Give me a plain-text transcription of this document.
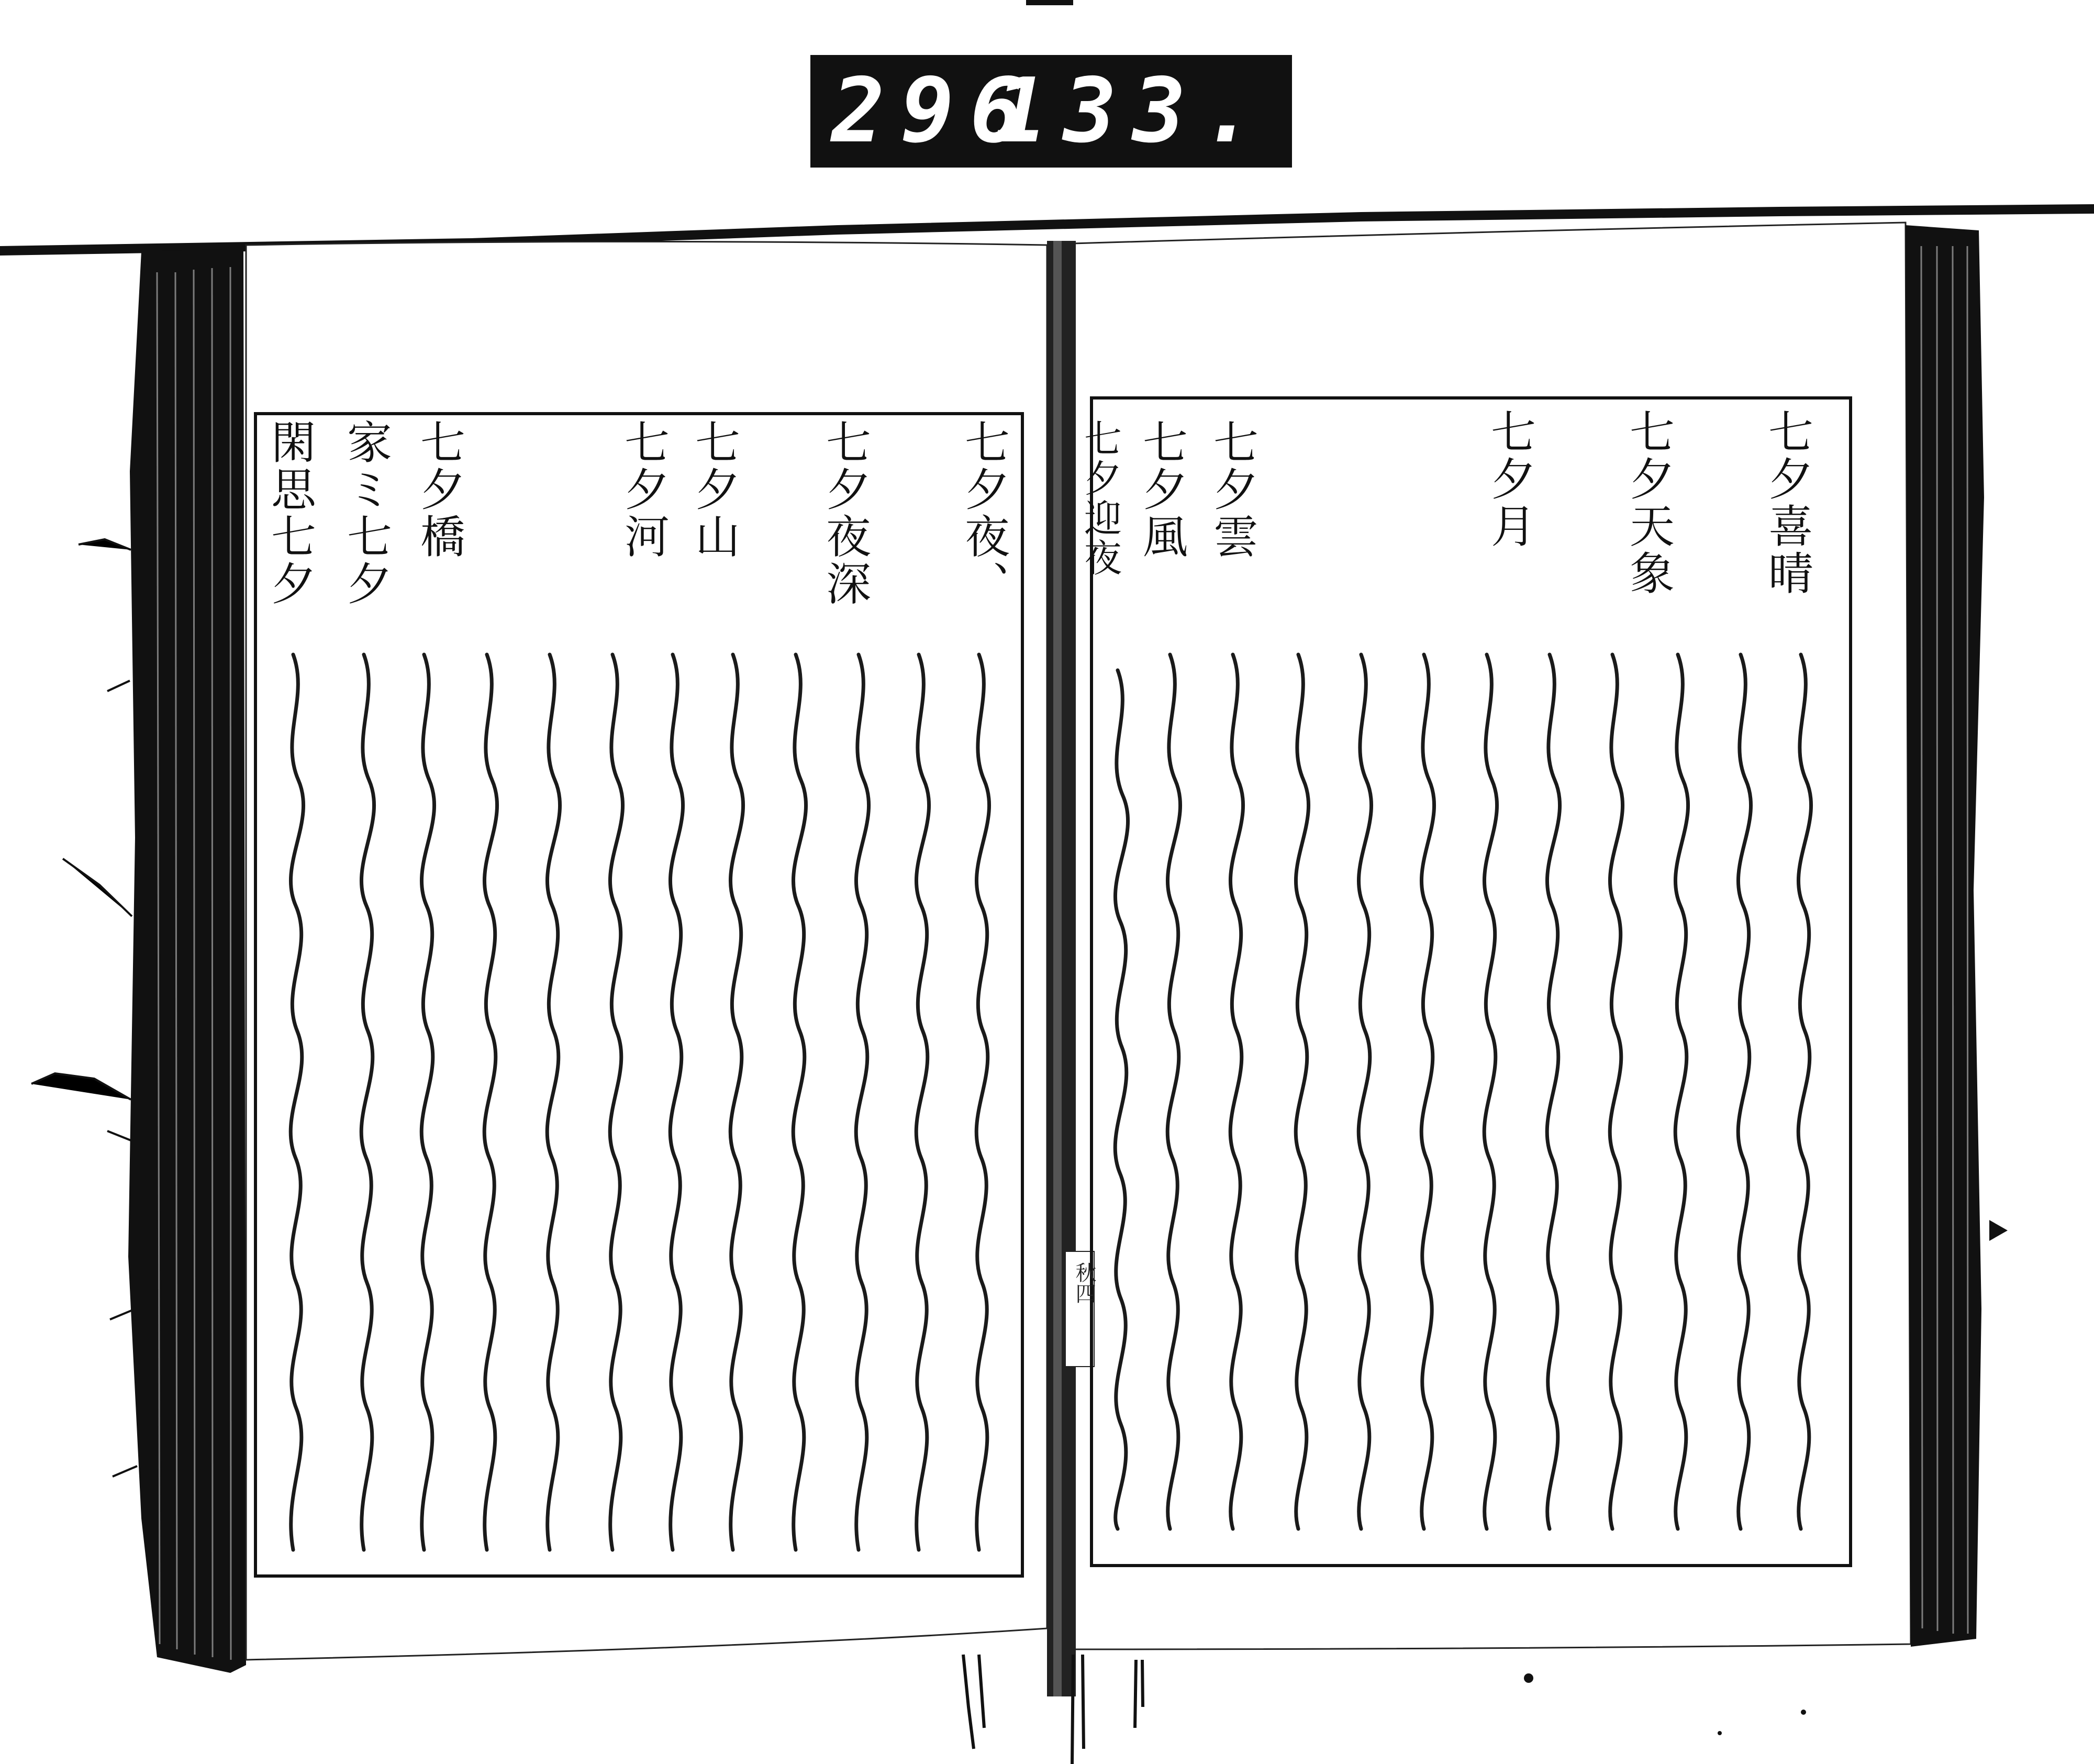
296
133.
七夕喜晴
七夕天象
七夕月
七夕雲
七夕風
七夕迎夜
七夕夜、
七夕夜深
七夕山
七夕河
七夕橋
家ミ七夕
閑思七夕
秋四
